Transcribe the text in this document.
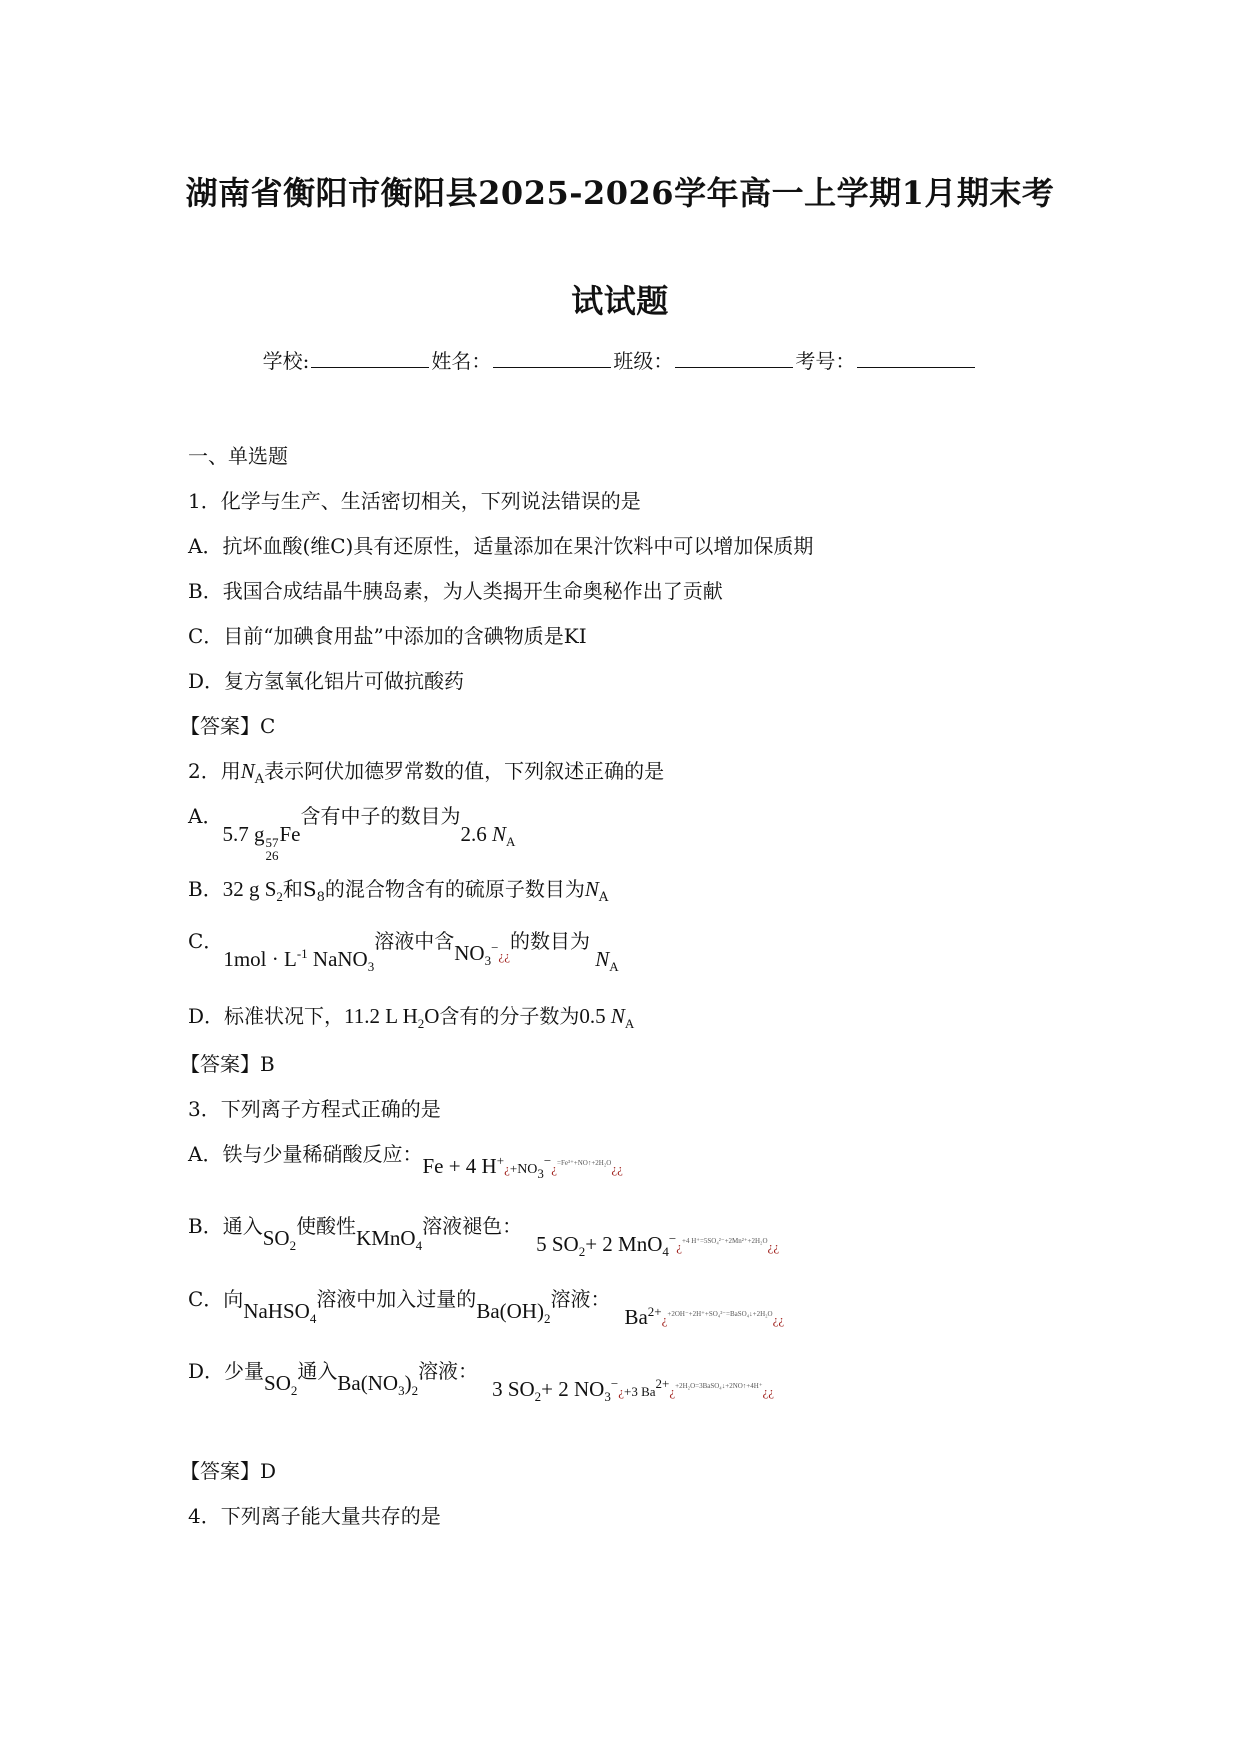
湖南省衡阳市衡阳县2025-2026学年高一上学期1月期末考
试试题
学校:	姓名：	班级：	考号：
一、单选题
1．化学与生产、生活密切相关，下列说法错误的是
A．抗坏血酸(维C)具有还原性，适量添加在果汁饮料中可以增加保质期
B．我国合成结晶牛胰岛素，为人类揭开生命奥秘作出了贡献
C．目前“加碘食用盐”中添加的含碘物质是KI
D．复方氢氧化铝片可做抗酸药
【答案】C
2．用$N_A$表示阿伏加德罗常数的值，下列叙述正确的是
A．5.7 g 57
26
Fe含有中子的数目为2.6 $N_A$
B．32 g $S_2$和$S_8$的混合物含有的硫原子数目为$N_A$
C．$1mol \cdot L^{-1}$ NaNO$_3$溶液中含$NO_3^-¿¿$的数目为 $N_A$
D．标准状况下，11.2 L $H_2O$含有的分子数为0.5 $N_A$
【答案】B
3．下列离子方程式正确的是
A．铁与少量稀硝酸反应：Fe + 4 $H^+¿+NO_3^-¿^{=Fe^{3+}+NO↑+2H_2O}¿¿$
B．通入$SO_2$使酸性KMnO$_4$溶液褪色：5 $SO_2+ 2$ MnO$_4$−¿$^{+4 H^+=5SO_4^{2-}+2Mn^{2+}+2H_2O}$¿¿
C．向NaHSO$_4$溶液中加入过量的$Ba(OH)_2$溶液：$Ba^{2+}¿^{+2OH^-+2H^++SO_4^{2-}=BaSO_4↓+2H_2O}¿¿$
D．少量$SO_2$通入$Ba(NO_3)_2$溶液：3 $SO_2+ 2$ $NO_3^-¿+3$ $Ba^{2+}¿^{+2H_2O=3BaSO_4↓+2NO↑+4H^+}¿¿$
【答案】D
4．下列离子能大量共存的是
